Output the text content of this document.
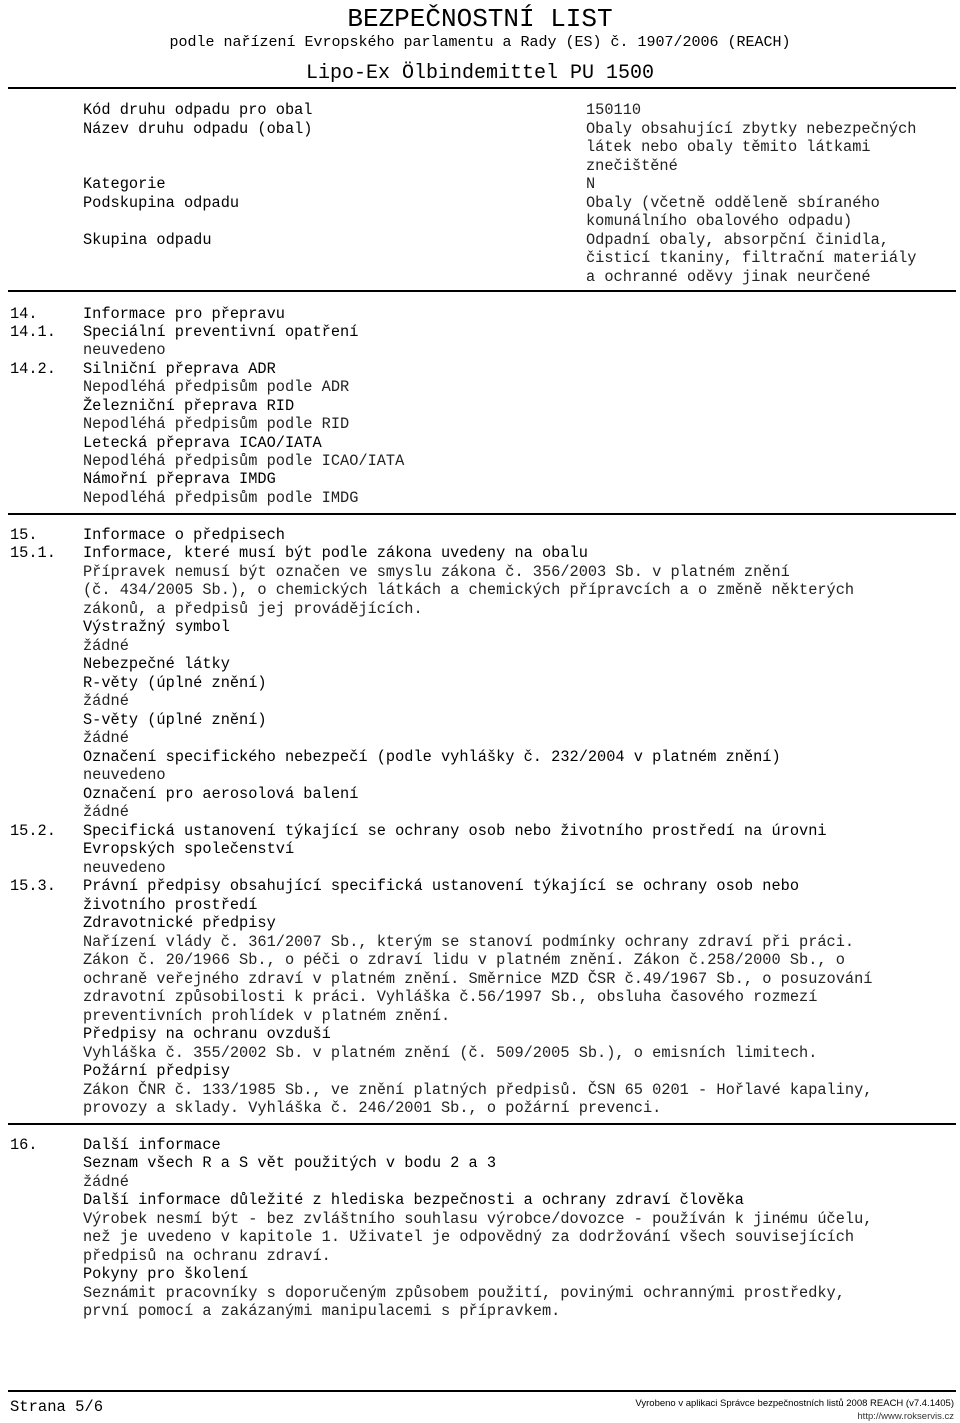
BEZPEČNOSTNÍ LIST
podle nařízení Evropského parlamentu a Rady (ES) č. 1907/2006 (REACH)
Lipo-Ex Ölbindemittel PU 1500
Kód druhu odpadu pro obal	150110
Název druhu odpadu (obal)	Obaly obsahující zbytky nebezpečných
látek nebo obaly těmito látkami
znečištěné
Kategorie	N
Podskupina odpadu	Obaly (včetně odděleně sbíraného
komunálního obalového odpadu)
Skupina odpadu	Odpadní obaly, absorpční činidla,
čisticí tkaniny, filtrační materiály
a ochranné oděvy jinak neurčené
14.	Informace pro přepravu
14.1. Speciální preventivní opatření
neuvedeno
14.2. Silniční přeprava ADR
Nepodléhá předpisům podle ADR
Železniční přeprava RID
Nepodléhá předpisům podle RID
Letecká přeprava ICAO/IATA
Nepodléhá předpisům podle ICAO/IATA
Námořní přeprava IMDG
Nepodléhá předpisům podle IMDG
15.	Informace o předpisech
15.1. Informace, které musí být podle zákona uvedeny na obalu
Přípravek nemusí být označen ve smyslu zákona č. 356/2003 Sb. v platném znění
(č. 434/2005 Sb.), o chemických látkách a chemických přípravcích a o změně některých
zákonů, a předpisů jej provádějících.
Výstražný symbol
žádné
Nebezpečné látky
R-věty (úplné znění)
žádné
S-věty (úplné znění)
žádné
Označení specifického nebezpečí (podle vyhlášky č. 232/2004 v platném znění)
neuvedeno
Označení pro aerosolová balení
žádné
15.2. Specifická ustanovení týkající se ochrany osob nebo životního prostředí na úrovni
Evropských společenství
neuvedeno
15.3. Právní předpisy obsahující specifická ustanovení týkající se ochrany osob nebo
životního prostředí
Zdravotnické předpisy
Nařízení vlády č. 361/2007 Sb., kterým se stanoví podmínky ochrany zdraví při práci.
Zákon č. 20/1966 Sb., o péči o zdraví lidu v platném znění. Zákon č.258/2000 Sb., o
ochraně veřejného zdraví v platném znění. Směrnice MZD ČSR č.49/1967 Sb., o posuzování
zdravotní způsobilosti k práci. Vyhláška č.56/1997 Sb., obsluha časového rozmezí
preventivních prohlídek v platném znění.
Předpisy na ochranu ovzduší
Vyhláška č. 355/2002 Sb. v platném znění (č. 509/2005 Sb.), o emisních limitech.
Požární předpisy
Zákon ČNR č. 133/1985 Sb., ve znění platných předpisů. ČSN 65 0201 - Hořlavé kapaliny,
provozy a sklady. Vyhláška č. 246/2001 Sb., o požární prevenci.
16.	Další informace
Seznam všech R a S vět použitých v bodu 2 a 3
žádné
Další informace důležité z hlediska bezpečnosti a ochrany zdraví člověka
Výrobek nesmí být - bez zvláštního souhlasu výrobce/dovozce - používán k jinému účelu,
než je uvedeno v kapitole 1. Uživatel je odpovědný za dodržování všech souvisejících
předpisů na ochranu zdraví.
Pokyny pro školení
Seznámit pracovníky s doporučeným způsobem použití, povinými ochrannými prostředky,
první pomocí a zakázanými manipulacemi s přípravkem.
Strana 5/6	Vyrobeno v aplikaci Správce bezpečnostních listů 2008 REACH (v7.4.1405)
http://www.rokservis.cz
